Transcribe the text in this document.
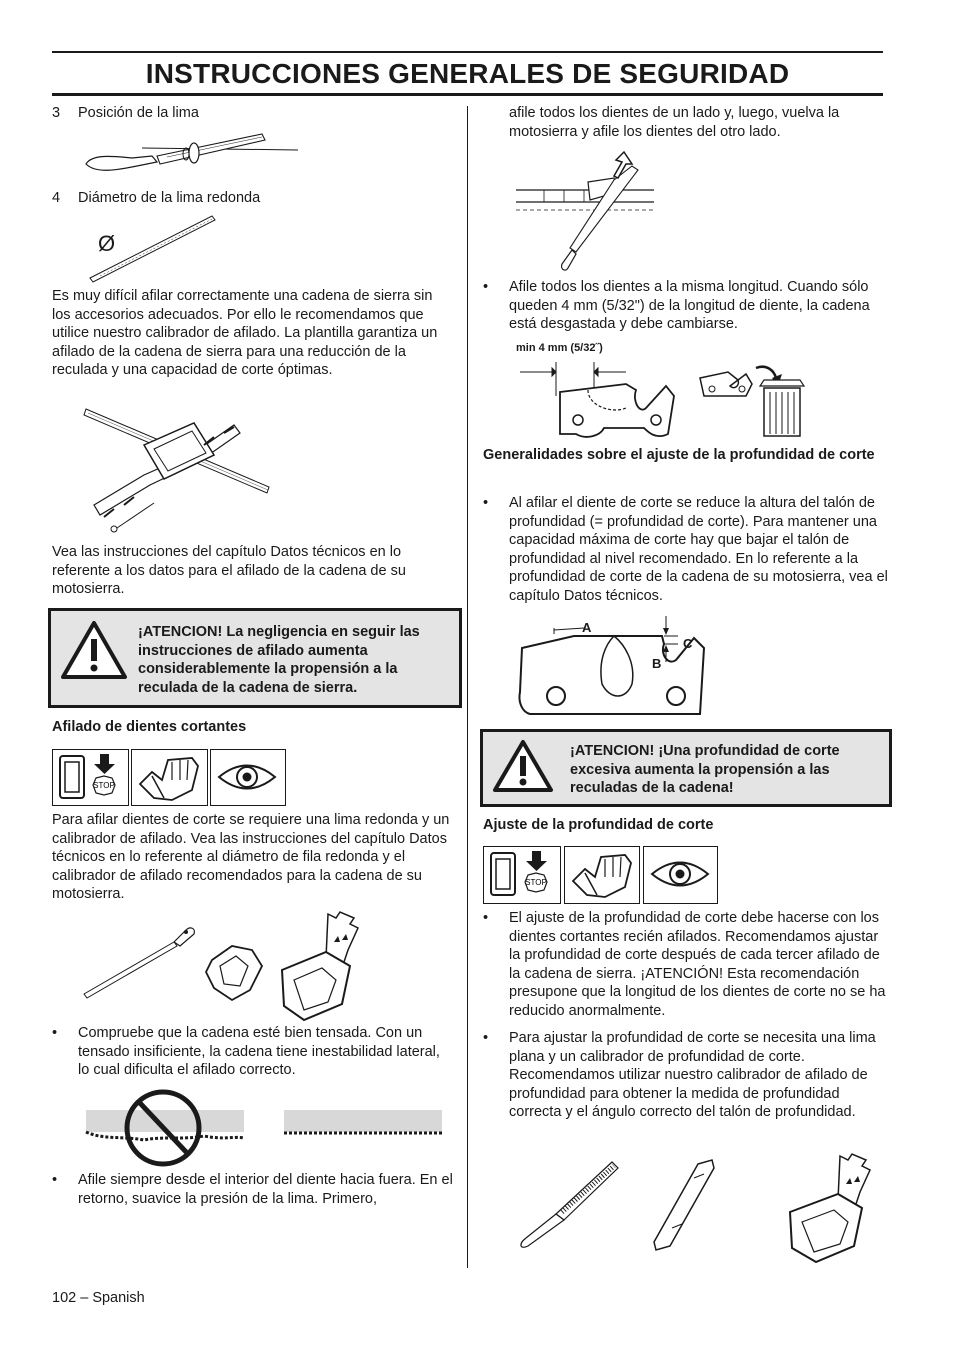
INSTRUCCIONES GENERALES DE SEGURIDAD
3 Posición de la lima
4 Diámetro de la lima redonda
Ø

Es muy difícil afilar correctamente una cadena de sierra sin los accesorios adecuados. Por ello le recomendamos que utilice nuestro calibrador de afilado. La plantilla garantiza un afilado de la cadena de sierra para una reducción de la reculada y una capacidad de corte óptimas.

Vea las instrucciones del capítulo Datos técnicos en lo referente a los datos para el afilado de la cadena de su motosierra.

¡ATENCION! La negligencia en seguir las instrucciones de afilado aumenta considerablemente la propensión a la reculada de la cadena de sierra.
Afilado de dientes cortantes
STOP

Para afilar dientes de corte se requiere una lima redonda y un calibrador de afilado. Vea las instrucciones del capítulo Datos técnicos en lo referente al diámetro de fila redonda y el calibrador de afilado recomendados para la cadena de su motosierra.

• Compruebe que la cadena esté bien tensada. Con un tensado insificiente, la cadena tiene inestabilidad lateral, lo cual dificulta el afilado correcto.
• Afile siempre desde el interior del diente hacia fuera. En el retorno, suavice la presión de la lima. Primero,

afile todos los dientes de un lado y, luego, vuelva la motosierra y afile los dientes del otro lado.

• Afile todos los dientes a la misma longitud. Cuando sólo queden 4 mm (5/32") de la longitud de diente, la cadena está desgastada y debe cambiarse.
min 4 mm (5/32˝)
Generalidades sobre el ajuste de la profundidad de corte
• Al afilar el diente de corte se reduce la altura del talón de profundidad (= profundidad de corte). Para mantener una capacidad máxima de corte hay que bajar el talón de profundidad al nivel recomendado. En lo referente a la profundidad de corte de la cadena de su motosierra, vea el capítulo Datos técnicos.
A
C
B
¡ATENCION! ¡Una profundidad de corte excesiva aumenta la propensión a las reculadas de la cadena!
Ajuste de la profundidad de corte
STOP
• El ajuste de la profundidad de corte debe hacerse con los dientes cortantes recién afilados. Recomendamos ajustar la profundidad de corte después de cada tercer afilado de la cadena de sierra. ¡ATENCIÓN! Esta recomendación presupone que la longitud de los dientes de corte no se ha reducido anormalmente.
• Para ajustar la profundidad de corte se necesita una lima plana y un calibrador de profundidad de corte. Recomendamos utilizar nuestro calibrador de afilado de profundidad para obtener la medida de profundidad correcta y el ángulo correcto del talón de profundidad.
102 – Spanish
